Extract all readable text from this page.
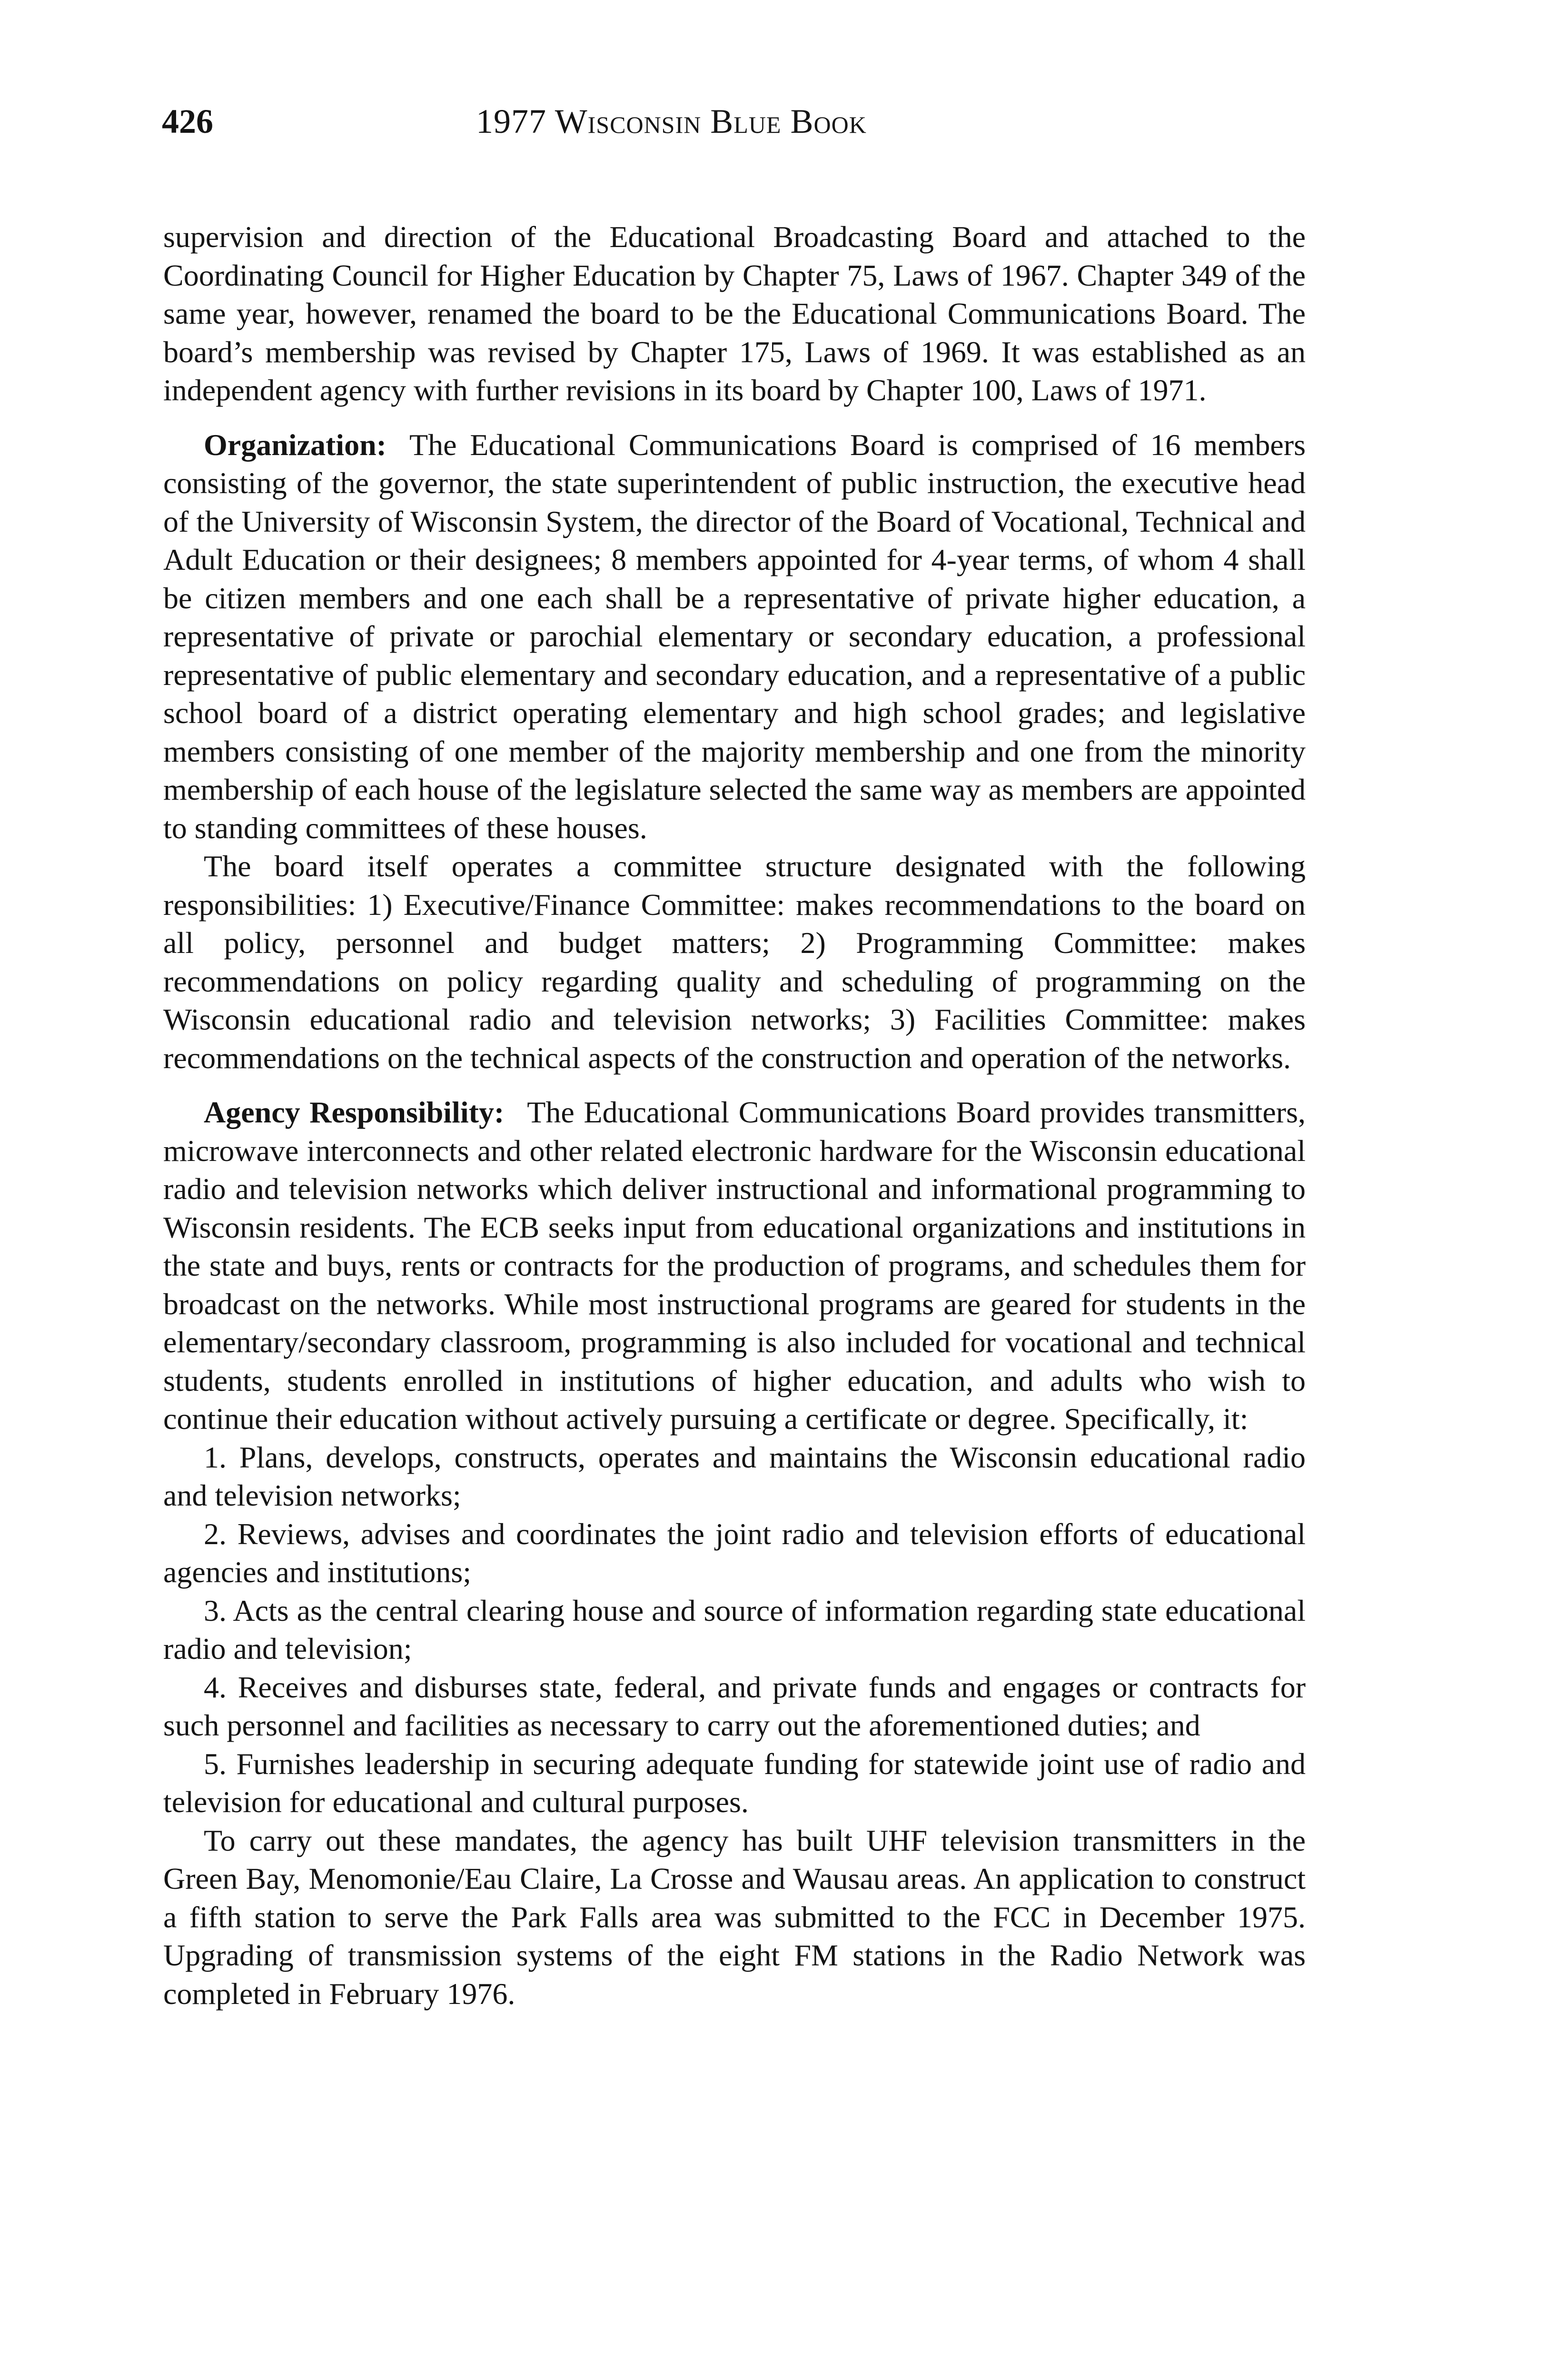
426	1977 Wisconsin Blue Book

supervision and direction of the Educational Broadcasting Board and attached to the Coordinating Council for Higher Education by Chapter 75, Laws of 1967. Chapter 349 of the same year, however, renamed the board to be the Educational Communications Board. The board’s membership was revised by Chapter 175, Laws of 1969. It was established as an independent agency with further revisions in its board by Chapter 100, Laws of 1971.

Organization: The Educational Communications Board is comprised of 16 members consisting of the governor, the state superintendent of public instruction, the executive head of the University of Wisconsin System, the director of the Board of Vocational, Technical and Adult Education or their designees; 8 members appointed for 4-year terms, of whom 4 shall be citizen members and one each shall be a representative of private higher education, a representative of private or parochial elementary or secondary education, a professional representative of public elementary and secondary education, and a representative of a public school board of a district operating elementary and high school grades; and legislative members consisting of one member of the majority membership and one from the minority membership of each house of the legislature selected the same way as members are appointed to standing committees of these houses.

The board itself operates a committee structure designated with the following responsibilities: 1) Executive/Finance Committee: makes recommendations to the board on all policy, personnel and budget matters; 2) Programming Committee: makes recommendations on policy regarding quality and scheduling of programming on the Wisconsin educational radio and television networks; 3) Facilities Committee: makes recommendations on the technical aspects of the construction and operation of the networks.

Agency Responsibility: The Educational Communications Board provides transmitters, microwave interconnects and other related electronic hardware for the Wisconsin educational radio and television networks which deliver instructional and informational programming to Wisconsin residents. The ECB seeks input from educational organizations and institutions in the state and buys, rents or contracts for the production of programs, and schedules them for broadcast on the networks. While most instructional programs are geared for students in the elementary/secondary classroom, programming is also included for vocational and technical students, students enrolled in institutions of higher education, and adults who wish to continue their education without actively pursuing a certificate or degree. Specifically, it:

1. Plans, develops, constructs, operates and maintains the Wisconsin educational radio and television networks;

2. Reviews, advises and coordinates the joint radio and television efforts of educational agencies and institutions;

3. Acts as the central clearing house and source of information regarding state educational radio and television;

4. Receives and disburses state, federal, and private funds and engages or contracts for such personnel and facilities as necessary to carry out the aforementioned duties; and

5. Furnishes leadership in securing adequate funding for statewide joint use of radio and television for educational and cultural purposes.

To carry out these mandates, the agency has built UHF television transmitters in the Green Bay, Menomonie/Eau Claire, La Crosse and Wausau areas. An application to construct a fifth station to serve the Park Falls area was submitted to the FCC in December 1975. Upgrading of transmission systems of the eight FM stations in the Radio Network was completed in February 1976.
